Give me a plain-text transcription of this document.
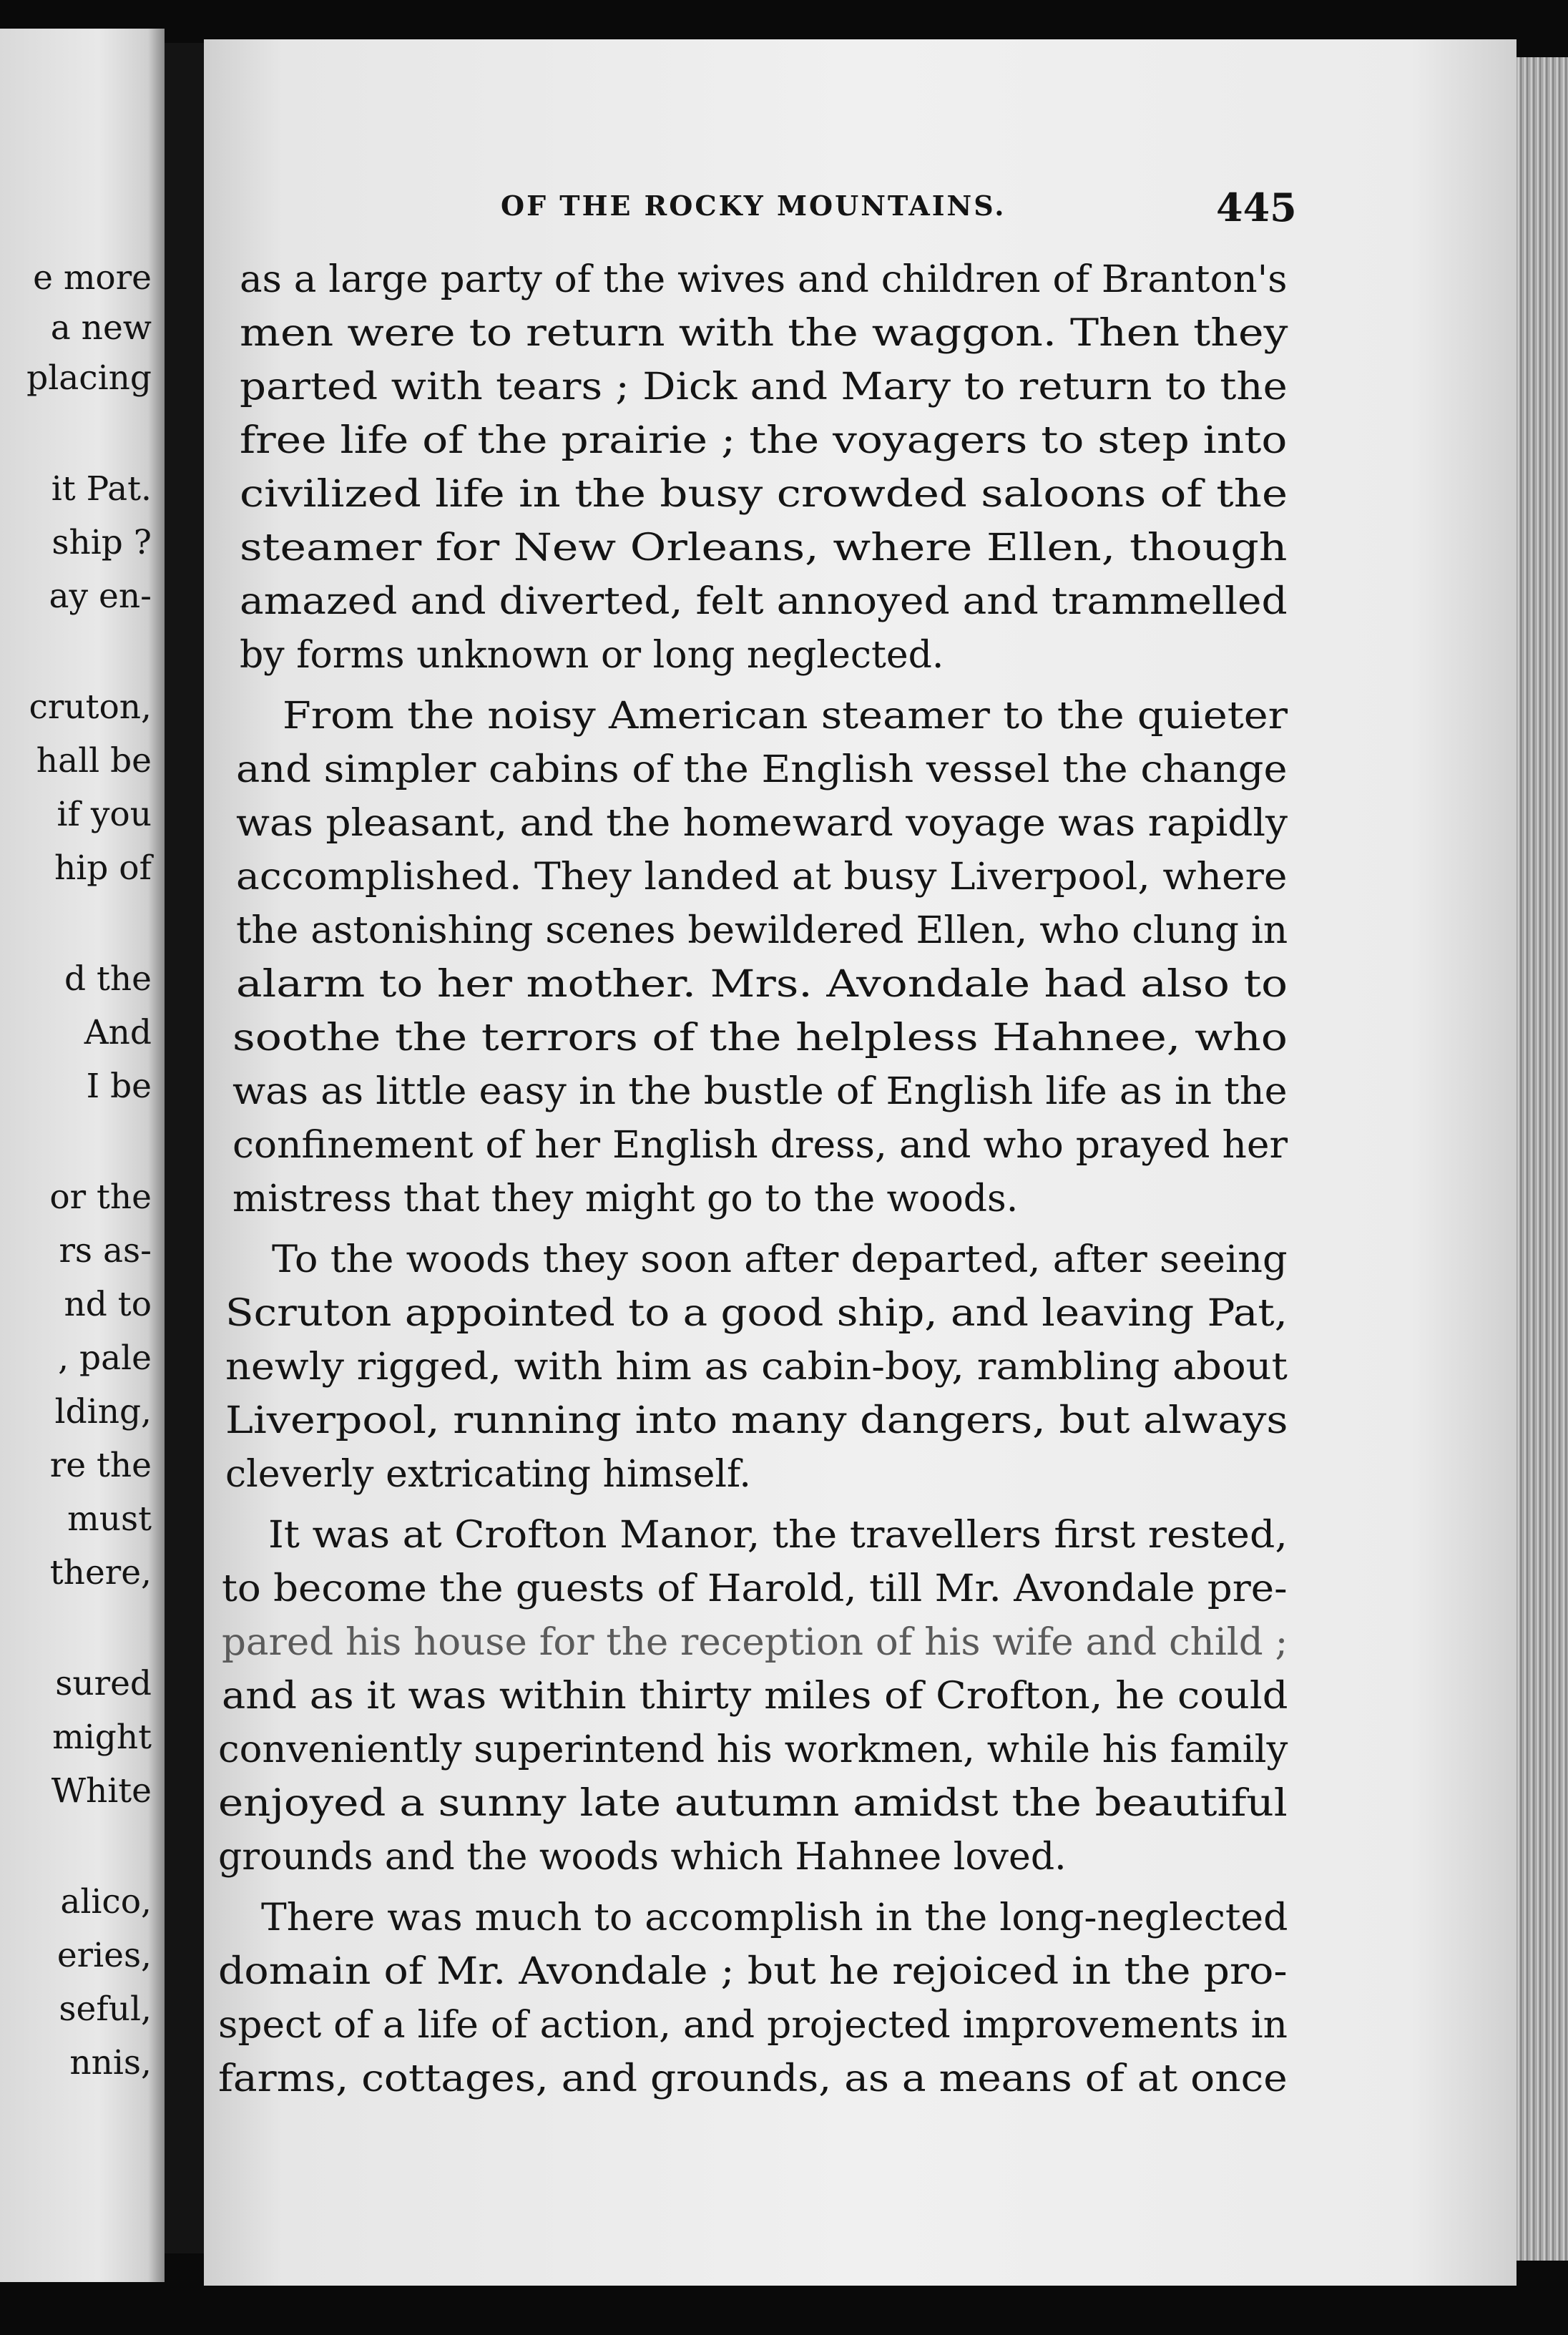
e more
a new
placing
it Pat.
ship ?
ay en-
cruton,
hall be
if you
hip of
d the
And
I be
or the
rs as-
nd to
, pale
lding,
re the
must
there,
sured
might
White
alico,
eries,
seful,
nnis,
OF THE ROCKY MOUNTAINS.	445
as a large party of the wives and children of Branton's
men were to return with the waggon. Then they
parted with tears ; Dick and Mary to return to the
free life of the prairie ; the voyagers to step into
civilized life in the busy crowded saloons of the
steamer for New Orleans, where Ellen, though
amazed and diverted, felt annoyed and trammelled
by forms unknown or long neglected.
From the noisy American steamer to the quieter
and simpler cabins of the English vessel the change
was pleasant, and the homeward voyage was rapidly
accomplished. They landed at busy Liverpool, where
the astonishing scenes bewildered Ellen, who clung in
alarm to her mother. Mrs. Avondale had also to
soothe the terrors of the helpless Hahnee, who
was as little easy in the bustle of English life as in the
confinement of her English dress, and who prayed her
mistress that they might go to the woods.
To the woods they soon after departed, after seeing
Scruton appointed to a good ship, and leaving Pat,
newly rigged, with him as cabin-boy, rambling about
Liverpool, running into many dangers, but always
cleverly extricating himself.
It was at Crofton Manor, the travellers first rested,
to become the guests of Harold, till Mr. Avondale pre-
pared his house for the reception of his wife and child ;
and as it was within thirty miles of Crofton, he could
conveniently superintend his workmen, while his family
enjoyed a sunny late autumn amidst the beautiful
grounds and the woods which Hahnee loved.
There was much to accomplish in the long-neglected
domain of Mr. Avondale ; but he rejoiced in the pro-
spect of a life of action, and projected improvements in
farms, cottages, and grounds, as a means of at once
